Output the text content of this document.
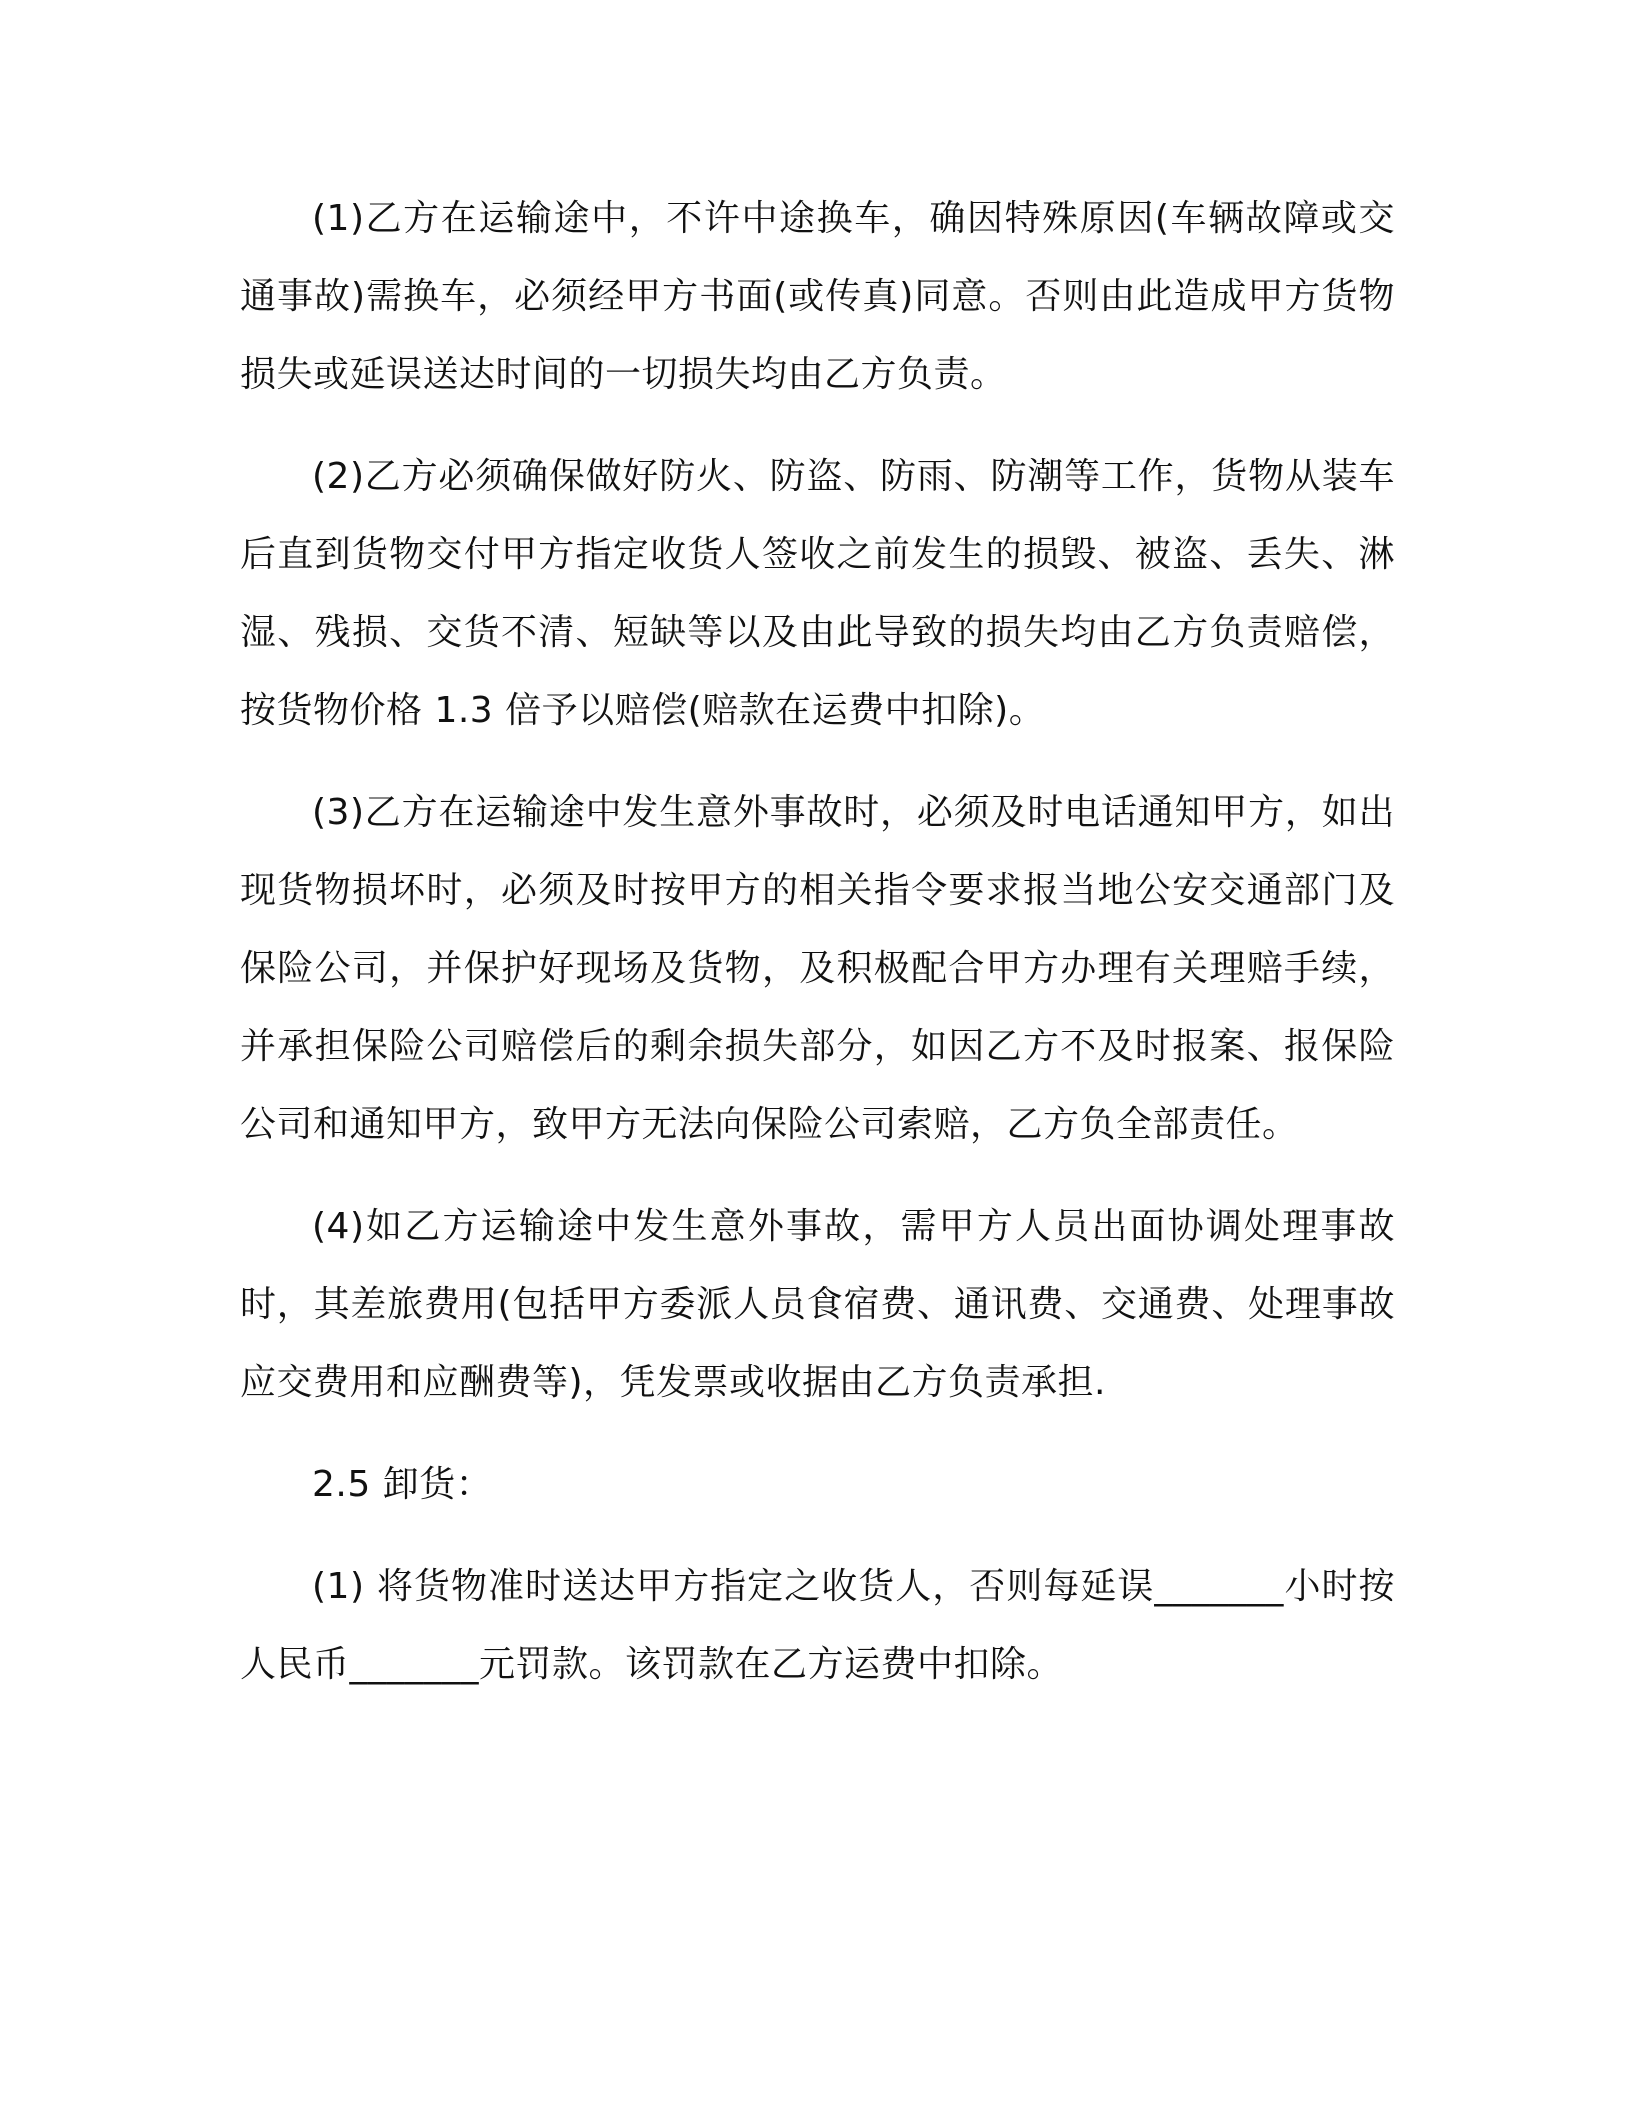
(1)乙方在运输途中，不许中途换车，确因特殊原因(车辆故障或交通事故)需换车，必须经甲方书面(或传真)同意。否则由此造成甲方货物损失或延误送达时间的一切损失均由乙方负责。

(2)乙方必须确保做好防火、防盗、防雨、防潮等工作，货物从装车后直到货物交付甲方指定收货人签收之前发生的损毁、被盗、丢失、淋湿、残损、交货不清、短缺等以及由此导致的损失均由乙方负责赔偿，按货物价格 1.3 倍予以赔偿(赔款在运费中扣除)。

(3)乙方在运输途中发生意外事故时，必须及时电话通知甲方，如出现货物损坏时，必须及时按甲方的相关指令要求报当地公安交通部门及保险公司，并保护好现场及货物，及积极配合甲方办理有关理赔手续，并承担保险公司赔偿后的剩余损失部分，如因乙方不及时报案、报保险公司和通知甲方，致甲方无法向保险公司索赔，乙方负全部责任。

(4)如乙方运输途中发生意外事故，需甲方人员出面协调处理事故时，其差旅费用(包括甲方委派人员食宿费、通讯费、交通费、处理事故应交费用和应酬费等)，凭发票或收据由乙方负责承担.

2.5 卸货：

(1) 将货物准时送达甲方指定之收货人，否则每延误_______小时按人民币_______元罚款。该罚款在乙方运费中扣除。
